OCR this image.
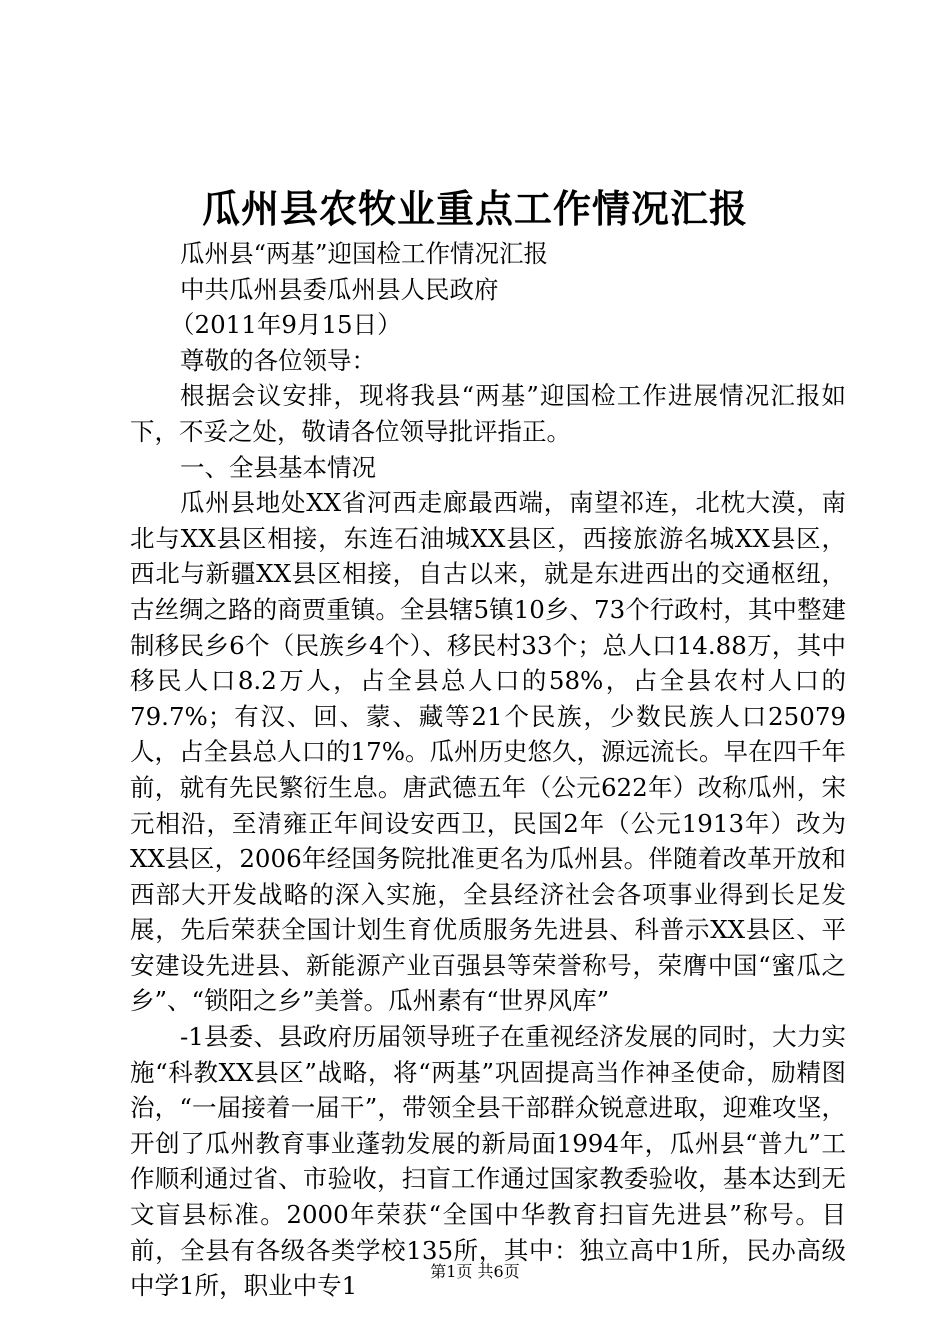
瓜州县农牧业重点工作情况汇报

瓜州县“两基”迎国检工作情况汇报

中共瓜州县委瓜州县人民政府

（2011年9月15日）

尊敬的各位领导：

根据会议安排，现将我县“两基”迎国检工作进展情况汇报如下，不妥之处，敬请各位领导批评指正。

一、全县基本情况

瓜州县地处XX省河西走廊最西端，南望祁连，北枕大漠，南北与XX县区相接，东连石油城XX县区，西接旅游名城XX县区，西北与新疆XX县区相接，自古以来，就是东进西出的交通枢纽，古丝绸之路的商贾重镇。全县辖5镇10乡、73个行政村，其中整建制移民乡6个（民族乡4个）、移民村33个；总人口14.88万，其中移民人口8.2万人，占全县总人口的58%，占全县农村人口的79.7%；有汉、回、蒙、藏等21个民族，少数民族人口25079人，占全县总人口的17%。瓜州历史悠久，源远流长。早在四千年前，就有先民繁衍生息。唐武德五年（公元622年）改称瓜州，宋元相沿，至清雍正年间设安西卫，民国2年（公元1913年）改为XX县区，2006年经国务院批准更名为瓜州县。伴随着改革开放和西部大开发战略的深入实施，全县经济社会各项事业得到长足发展，先后荣获全国计划生育优质服务先进县、科普示XX县区、平安建设先进县、新能源产业百强县等荣誉称号，荣膺中国“蜜瓜之乡”、“锁阳之乡”美誉。瓜州素有“世界风库”

-1县委、县政府历届领导班子在重视经济发展的同时，大力实施“科教XX县区”战略，将“两基”巩固提高当作神圣使命，励精图治，“一届接着一届干”，带领全县干部群众锐意进取，迎难攻坚，开创了瓜州教育事业蓬勃发展的新局面1994年，瓜州县“普九”工作顺利通过省、市验收，扫盲工作通过国家教委验收，基本达到无文盲县标准。2000年荣获“全国中华教育扫盲先进县”称号。目前，全县有各级各类学校135所，其中：独立高中1所，民办高级中学1所，职业中专1	第1页 共6页
